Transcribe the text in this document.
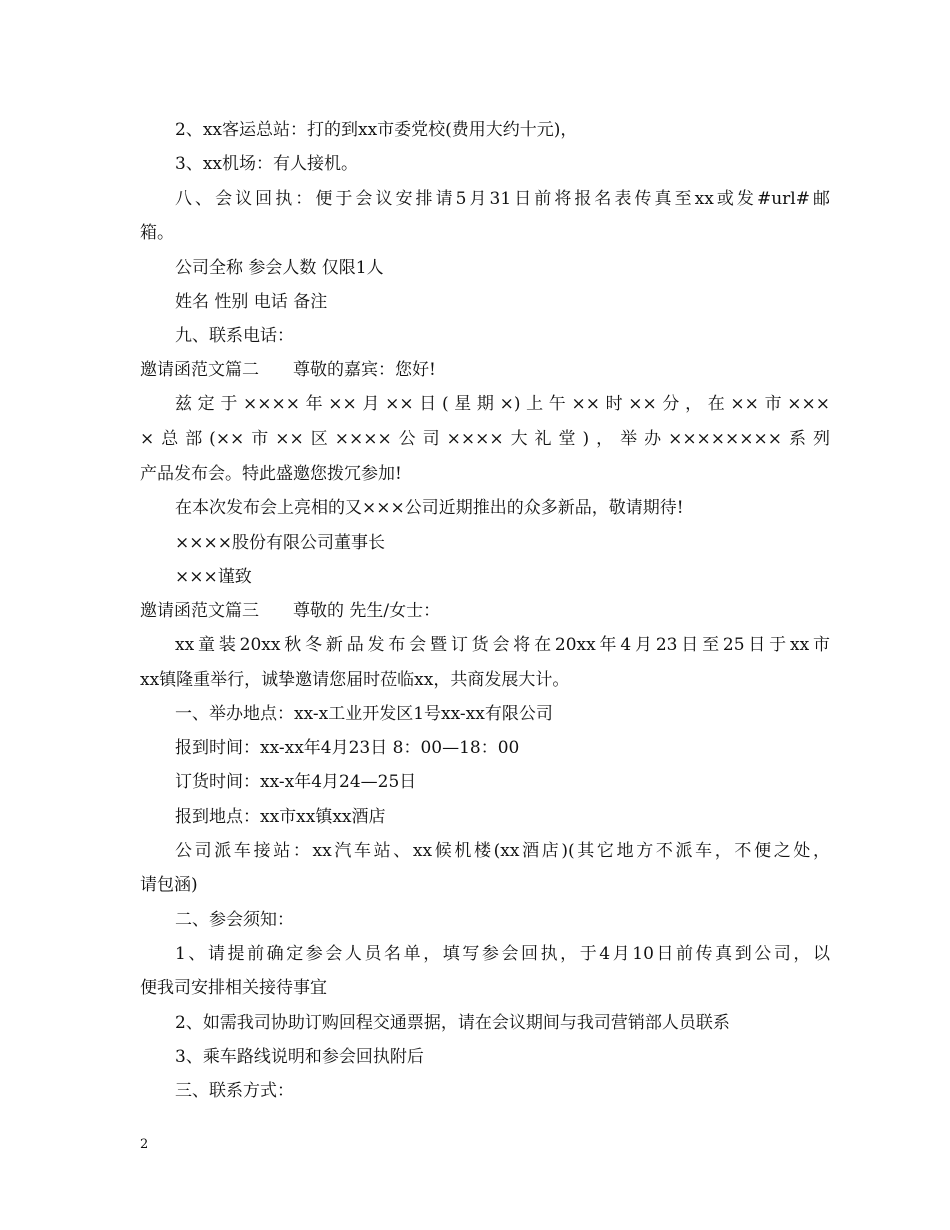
2、xx客运总站：打的到xx市委党校(费用大约十元)，
3、xx机场：有人接机。
八、会议回执：便于会议安排请5月31日前将报名表传真至xx或发#url#邮
箱。
公司全称 参会人数 仅限1人
姓名 性别 电话 备注
九、联系电话：
邀请函范文篇二　　尊敬的嘉宾：您好!
兹定于××××年××月××日(星期×)上午××时××分，在××市×××
×总部(××市××区××××公司××××大礼堂)，举办××××××××系列
产品发布会。特此盛邀您拨冗参加!
在本次发布会上亮相的又×××公司近期推出的众多新品，敬请期待!
××××股份有限公司董事长
×××谨致
邀请函范文篇三　　尊敬的 先生/女士：
xx童装20xx秋冬新品发布会暨订货会将在20xx年4月23日至25日于xx市
xx镇隆重举行，诚挚邀请您届时莅临xx，共商发展大计。
一、举办地点：xx-x工业开发区1号xx-xx有限公司
报到时间：xx-xx年4月23日 8：00—18：00
订货时间：xx-x年4月24—25日
报到地点：xx市xx镇xx酒店
公司派车接站：xx汽车站、xx候机楼(xx酒店)(其它地方不派车，不便之处，
请包涵)
二、参会须知：
1、请提前确定参会人员名单，填写参会回执，于4月10日前传真到公司，以
便我司安排相关接待事宜
2、如需我司协助订购回程交通票据，请在会议期间与我司营销部人员联系
3、乘车路线说明和参会回执附后
三、联系方式：
2
